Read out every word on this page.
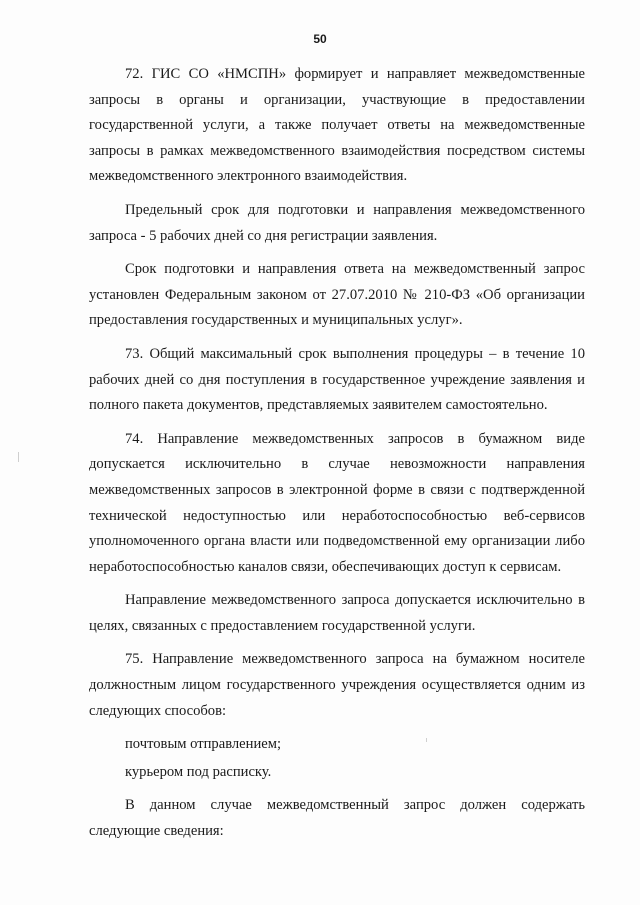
50

72. ГИС СО «НМСПН» формирует и направляет межведомственные запросы в органы и организации, участвующие в предоставлении государственной услуги, а также получает ответы на межведомственные запросы в рамках межведомственного взаимодействия посредством системы межведомственного электронного взаимодействия.

Предельный срок для подготовки и направления межведомственного запроса - 5 рабочих дней со дня регистрации заявления.

Срок подготовки и направления ответа на межведомственный запрос установлен Федеральным законом от 27.07.2010 № 210-ФЗ «Об организации предоставления государственных и муниципальных услуг».

73. Общий максимальный срок выполнения процедуры – в течение 10 рабочих дней со дня поступления в государственное учреждение заявления и полного пакета документов, представляемых заявителем самостоятельно.

74. Направление межведомственных запросов в бумажном виде допускается исключительно в случае невозможности направления межведомственных запросов в электронной форме в связи с подтвержденной технической недоступностью или неработоспособностью веб-сервисов уполномоченного органа власти или подведомственной ему организации либо неработоспособностью каналов связи, обеспечивающих доступ к сервисам.

Направление межведомственного запроса допускается исключительно в целях, связанных с предоставлением государственной услуги.

75. Направление межведомственного запроса на бумажном носителе должностным лицом государственного учреждения осуществляется одним из следующих способов:

почтовым отправлением;

курьером под расписку.

В данном случае межведомственный запрос должен содержать следующие сведения:
